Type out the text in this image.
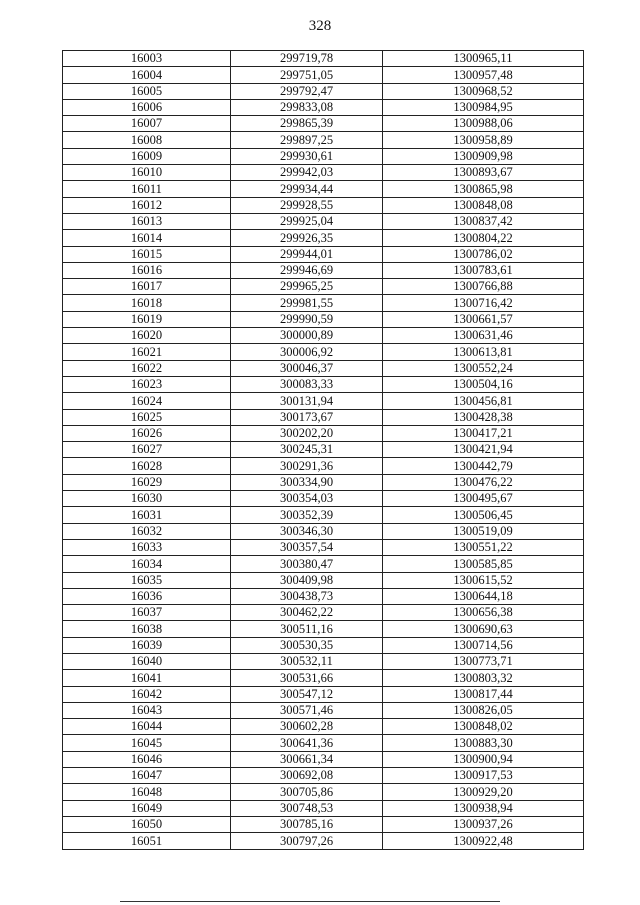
328
16003	299719,78	1300965,11
16004	299751,05	1300957,48
16005	299792,47	1300968,52
16006	299833,08	1300984,95
16007	299865,39	1300988,06
16008	299897,25	1300958,89
16009	299930,61	1300909,98
16010	299942,03	1300893,67
16011	299934,44	1300865,98
16012	299928,55	1300848,08
16013	299925,04	1300837,42
16014	299926,35	1300804,22
16015	299944,01	1300786,02
16016	299946,69	1300783,61
16017	299965,25	1300766,88
16018	299981,55	1300716,42
16019	299990,59	1300661,57
16020	300000,89	1300631,46
16021	300006,92	1300613,81
16022	300046,37	1300552,24
16023	300083,33	1300504,16
16024	300131,94	1300456,81
16025	300173,67	1300428,38
16026	300202,20	1300417,21
16027	300245,31	1300421,94
16028	300291,36	1300442,79
16029	300334,90	1300476,22
16030	300354,03	1300495,67
16031	300352,39	1300506,45
16032	300346,30	1300519,09
16033	300357,54	1300551,22
16034	300380,47	1300585,85
16035	300409,98	1300615,52
16036	300438,73	1300644,18
16037	300462,22	1300656,38
16038	300511,16	1300690,63
16039	300530,35	1300714,56
16040	300532,11	1300773,71
16041	300531,66	1300803,32
16042	300547,12	1300817,44
16043	300571,46	1300826,05
16044	300602,28	1300848,02
16045	300641,36	1300883,30
16046	300661,34	1300900,94
16047	300692,08	1300917,53
16048	300705,86	1300929,20
16049	300748,53	1300938,94
16050	300785,16	1300937,26
16051	300797,26	1300922,48
